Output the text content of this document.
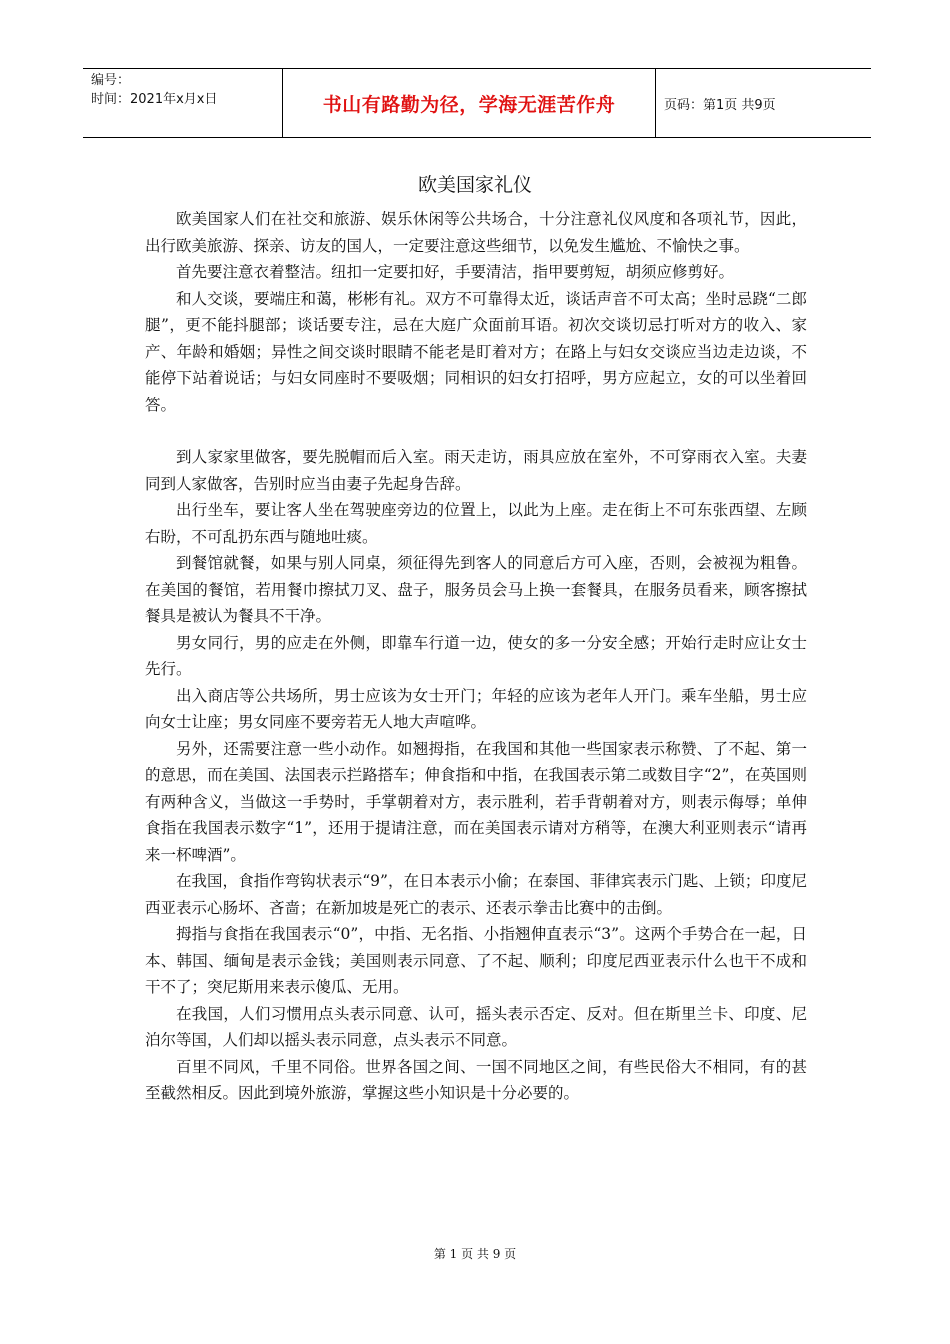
编号：
时间：2021年x月x日	书山有路勤为径，学海无涯苦作舟	页码：第1页 共9页
欧美国家礼仪

欧美国家人们在社交和旅游、娱乐休闲等公共场合，十分注意礼仪风度和各项礼节，因此，出行欧美旅游、探亲、访友的国人，一定要注意这些细节，以免发生尴尬、不愉快之事。

首先要注意衣着整洁。纽扣一定要扣好，手要清洁，指甲要剪短，胡须应修剪好。

和人交谈，要端庄和蔼，彬彬有礼。双方不可靠得太近，谈话声音不可太高；坐时忌跷“二郎腿”，更不能抖腿部；谈话要专注，忌在大庭广众面前耳语。初次交谈切忌打听对方的收入、家产、年龄和婚姻；异性之间交谈时眼睛不能老是盯着对方；在路上与妇女交谈应当边走边谈，不能停下站着说话；与妇女同座时不要吸烟；同相识的妇女打招呼，男方应起立，女的可以坐着回答。

到人家家里做客，要先脱帽而后入室。雨天走访，雨具应放在室外，不可穿雨衣入室。夫妻同到人家做客，告别时应当由妻子先起身告辞。

出行坐车，要让客人坐在驾驶座旁边的位置上，以此为上座。走在街上不可东张西望、左顾右盼，不可乱扔东西与随地吐痰。

到餐馆就餐，如果与别人同桌，须征得先到客人的同意后方可入座，否则，会被视为粗鲁。在美国的餐馆，若用餐巾擦拭刀叉、盘子，服务员会马上换一套餐具，在服务员看来，顾客擦拭餐具是被认为餐具不干净。

男女同行，男的应走在外侧，即靠车行道一边，使女的多一分安全感；开始行走时应让女士先行。

出入商店等公共场所，男士应该为女士开门；年轻的应该为老年人开门。乘车坐船，男士应向女士让座；男女同座不要旁若无人地大声喧哗。

另外，还需要注意一些小动作。如翘拇指，在我国和其他一些国家表示称赞、了不起、第一的意思，而在美国、法国表示拦路搭车；伸食指和中指，在我国表示第二或数目字“2”，在英国则有两种含义，当做这一手势时，手掌朝着对方，表示胜利，若手背朝着对方，则表示侮辱；单伸食指在我国表示数字“1”，还用于提请注意，而在美国表示请对方稍等，在澳大利亚则表示“请再来一杯啤酒”。

在我国，食指作弯钩状表示“9”，在日本表示小偷；在泰国、菲律宾表示门匙、上锁；印度尼西亚表示心肠坏、吝啬；在新加坡是死亡的表示、还表示拳击比赛中的击倒。

拇指与食指在我国表示“0”，中指、无名指、小指翘伸直表示“3”。这两个手势合在一起，日本、韩国、缅甸是表示金钱；美国则表示同意、了不起、顺利；印度尼西亚表示什么也干不成和干不了；突尼斯用来表示傻瓜、无用。

在我国，人们习惯用点头表示同意、认可，摇头表示否定、反对。但在斯里兰卡、印度、尼泊尔等国，人们却以摇头表示同意，点头表示不同意。

百里不同风，千里不同俗。世界各国之间、一国不同地区之间，有些民俗大不相同，有的甚至截然相反。因此到境外旅游，掌握这些小知识是十分必要的。

第 1 页 共 9 页
